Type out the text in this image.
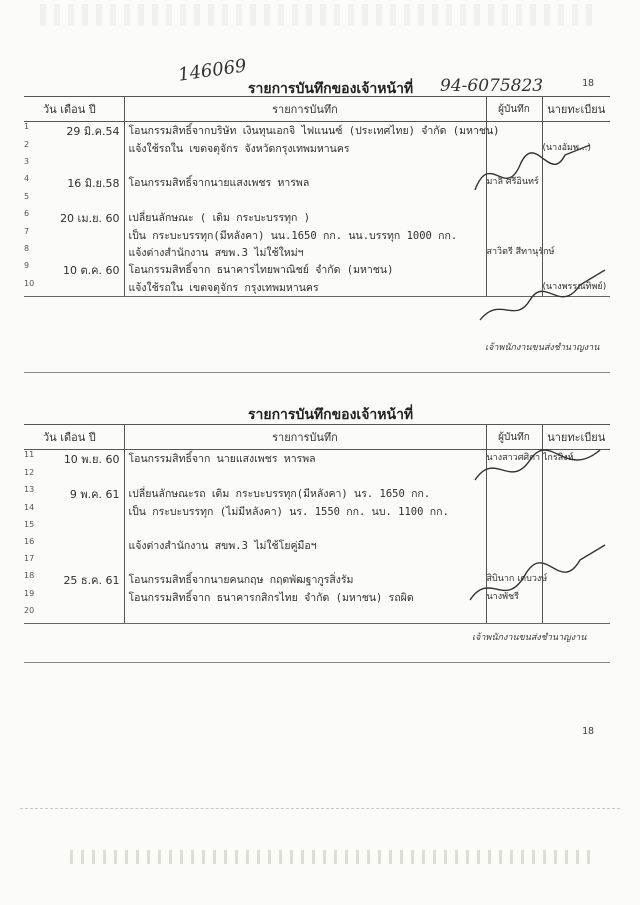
146069
94-6075823	18
รายการบันทึกของเจ้าหน้าที่
	วัน เดือน ปี	รายการบันทึก	ผู้บันทึก	นายทะเบียน
1	29 มิ.ค.54	โอนกรรมสิทธิ์จากบริษัท เงินทุนเอกจิ ไฟแนนซ์ (ประเทศไทย) จำกัด (มหาชน)		
2		แจ้งใช้รถใน เขตจตุจักร จังหวัดกรุงเทพมหานคร		(นางอัมพ...)
3				
4	16 มิ.ย.58	โอนกรรมสิทธิ์จากนายแสงเพชร หารพล	มาลี ศรีอินทร์	
5				
6	20 เม.ย. 60	เปลี่ยนลักษณะ ( เดิม กระบะบรรทุก )		
7		เป็น กระบะบรรทุก(มีหลังคา) นน.1650 กก. นน.บรรทุก 1000 กก.		
8		แจ้งต่างสำนักงาน สขพ.3 ไม่ใช้ใหม่ฯ	สาวิตรี สีทานุรักษ์	
9	10 ต.ค. 60	โอนกรรมสิทธิ์จาก ธนาคารไทยพาณิชย์ จำกัด (มหาชน)		
10		แจ้งใช้รถใน เขตจตุจักร กรุงเทพมหานคร		(นางพรรณทิพย์)
เจ้าพนักงานขนส่งชำนาญงาน
รายการบันทึกของเจ้าหน้าที่
	วัน เดือน ปี	รายการบันทึก	ผู้บันทึก	นายทะเบียน
11	10 พ.ย. 60	โอนกรรมสิทธิ์จาก นายแสงเพชร หารพล	นางสาวศศิตา ไกรสิงห์	
12				
13	9 พ.ค. 61	เปลี่ยนลักษณะรถ เดิม กระบะบรรทุก(มีหลังคา) นร. 1650 กก.		
14		เป็น กระบะบรรทุก (ไม่มีหลังคา) นร. 1550 กก. นบ. 1100 กก.		
15				
16		แจ้งต่างสำนักงาน สขพ.3 ไม่ใช้โยคู่มือฯ		
17				
18	25 ธ.ค. 61	โอนกรรมสิทธิ์จากนายคนกฤษ กฤตพัฒฐากูรสิ่งรัม	สิบินาก เดบวงษ์	
19		โอนกรรมสิทธิ์จาก ธนาคารกสิกรไทย จำกัด (มหาชน) รถผิด	นางพัชรี	
20				
เจ้าพนักงานขนส่งชำนาญงาน
18
